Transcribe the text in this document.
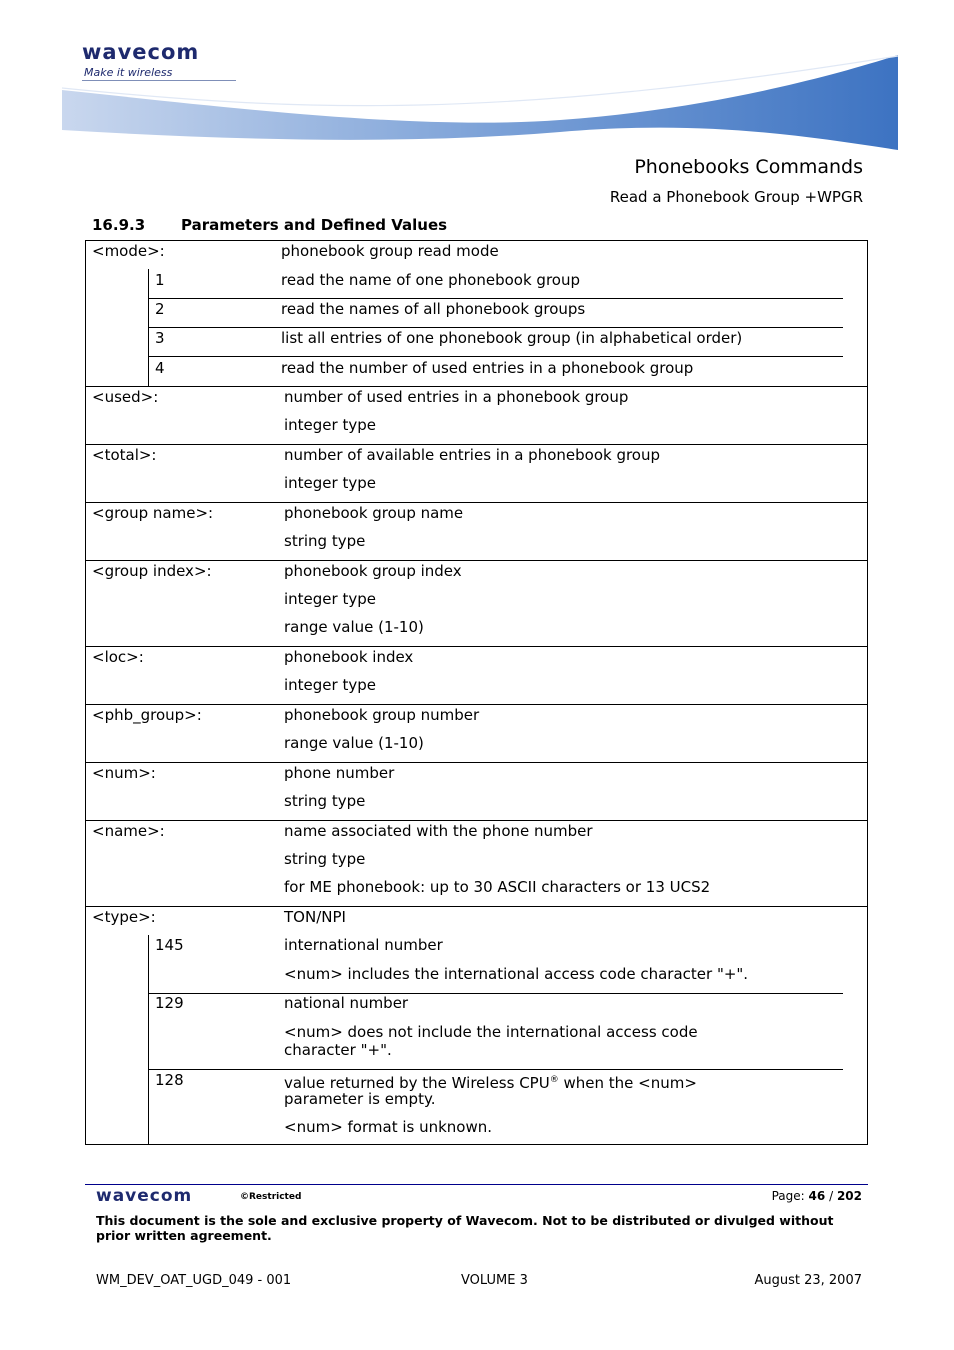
wavecom
Make it wireless
Phonebooks Commands
Read a Phonebook Group +WPGR
16.9.3 Parameters and Defined Values
<mode>:	phonebook group read mode
1	read the name of one phonebook group
2	read the names of all phonebook groups
3	list all entries of one phonebook group (in alphabetical order)
4	read the number of used entries in a phonebook group
<used>:	number of used entries in a phonebook group
integer type
<total>:	number of available entries in a phonebook group
integer type
<group name>:	phonebook group name
string type
<group index>:	phonebook group index
integer type
range value (1-10)
<loc>:	phonebook index
integer type
<phb_group>:	phonebook group number
range value (1-10)
<num>:	phone number
string type
<name>:	name associated with the phone number
string type
for ME phonebook: up to 30 ASCII characters or 13 UCS2
<type>:	TON/NPI
145	international number
<num> includes the international access code character "+".
129	national number
<num> does not include the international access code
character "+".
128	value returned by the Wireless CPU® when the <num>
parameter is empty.
<num> format is unknown.
wavecom	©Restricted	Page: 46 / 202
This document is the sole and exclusive property of Wavecom. Not to be distributed or divulged without prior written agreement.
WM_DEV_OAT_UGD_049 - 001	VOLUME 3	August 23, 2007
